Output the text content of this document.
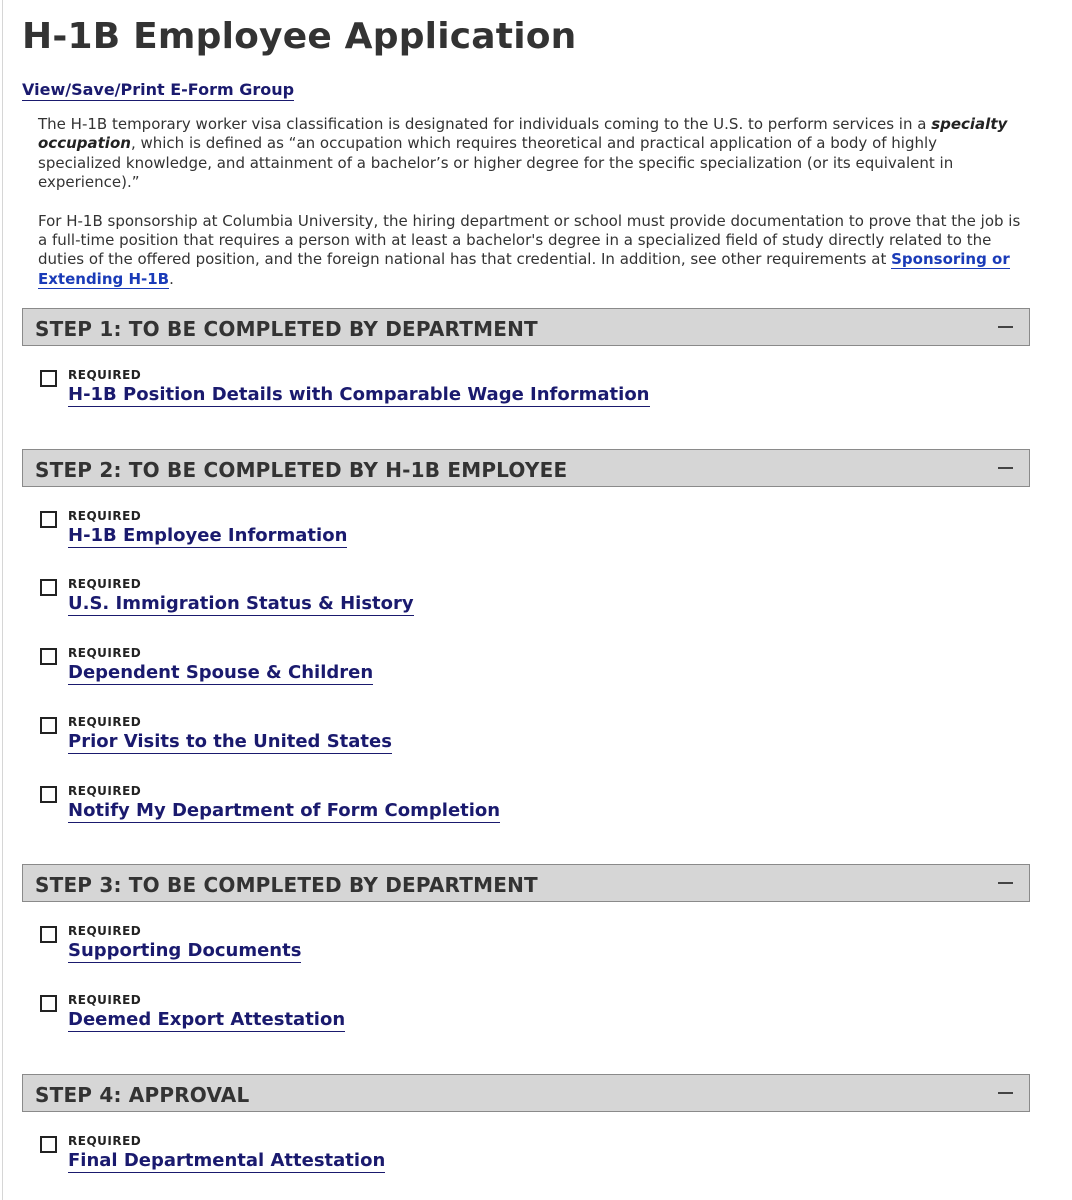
H-1B Employee Application
View/Save/Print E-Form Group

The H-1B temporary worker visa classification is designated for individuals coming to the U.S. to perform services in a specialty occupation, which is defined as “an occupation which requires theoretical and practical application of a body of highly specialized knowledge, and attainment of a bachelor’s or higher degree for the specific specialization (or its equivalent in experience).”

For H-1B sponsorship at Columbia University, the hiring department or school must provide documentation to prove that the job is a full-time position that requires a person with at least a bachelor's degree in a specialized field of study directly related to the duties of the offered position, and the foreign national has that credential. In addition, see other requirements at Sponsoring or Extending H-1B.

STEP 1: TO BE COMPLETED BY DEPARTMENT
REQUIRED
H-1B Position Details with Comparable Wage Information
STEP 2: TO BE COMPLETED BY H-1B EMPLOYEE
REQUIRED
H-1B Employee Information
REQUIRED
U.S. Immigration Status & History
REQUIRED
Dependent Spouse & Children
REQUIRED
Prior Visits to the United States
REQUIRED
Notify My Department of Form Completion
STEP 3: TO BE COMPLETED BY DEPARTMENT
REQUIRED
Supporting Documents
REQUIRED
Deemed Export Attestation
STEP 4: APPROVAL
REQUIRED
Final Departmental Attestation
